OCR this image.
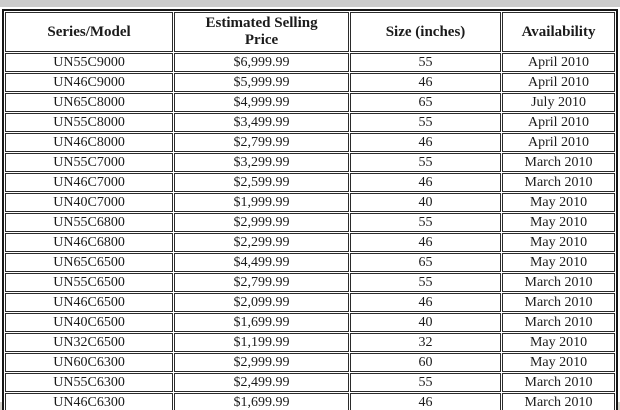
Series/Model	Estimated Selling Price	Size (inches)	Availability
UN55C9000	$6,999.99	55	April 2010
UN46C9000	$5,999.99	46	April 2010
UN65C8000	$4,999.99	65	July 2010
UN55C8000	$3,499.99	55	April 2010
UN46C8000	$2,799.99	46	April 2010
UN55C7000	$3,299.99	55	March 2010
UN46C7000	$2,599.99	46	March 2010
UN40C7000	$1,999.99	40	May 2010
UN55C6800	$2,999.99	55	May 2010
UN46C6800	$2,299.99	46	May 2010
UN65C6500	$4,499.99	65	May 2010
UN55C6500	$2,799.99	55	March 2010
UN46C6500	$2,099.99	46	March 2010
UN40C6500	$1,699.99	40	March 2010
UN32C6500	$1,199.99	32	May 2010
UN60C6300	$2,999.99	60	May 2010
UN55C6300	$2,499.99	55	March 2010
UN46C6300	$1,699.99	46	March 2010
